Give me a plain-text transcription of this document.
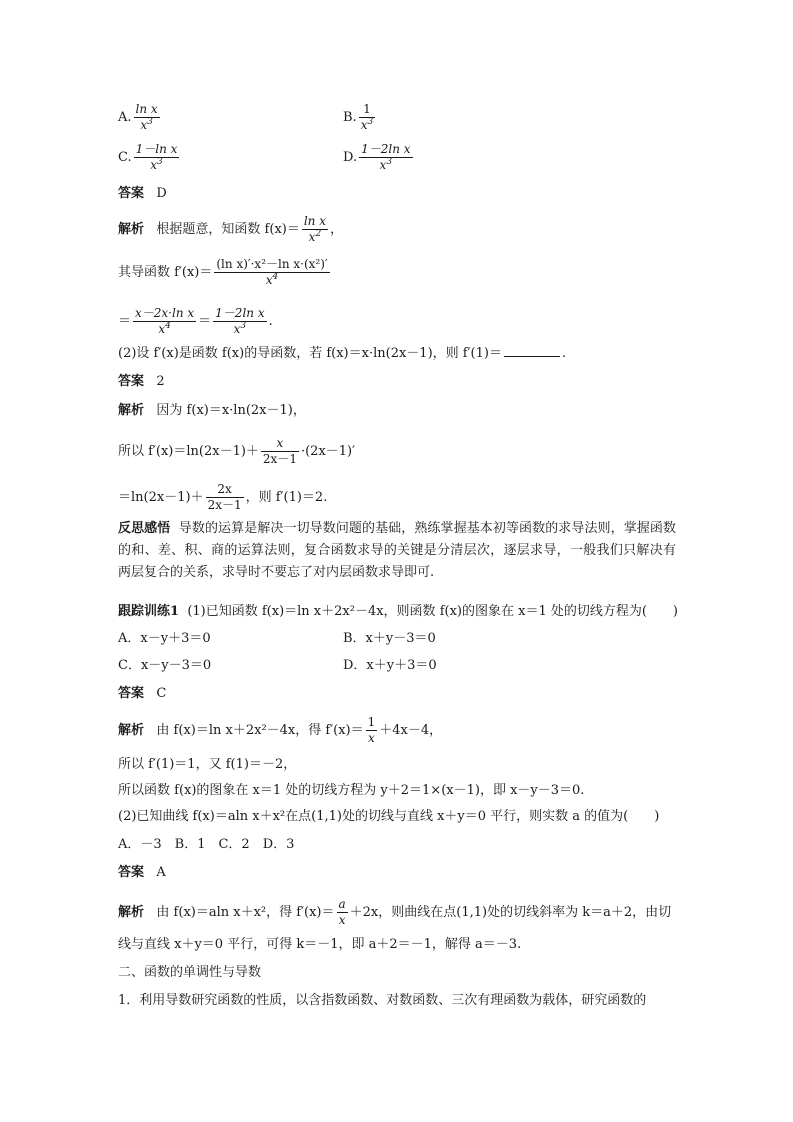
A. $\frac{\text{ln x}}{x^3}$	B. $\frac{1}{x^3}$
C. $\frac{\text{1－ln x}}{x^3}$	D. $\frac{\text{1－2ln x}}{x^3}$
答案 D
解析 根据题意，知函数 $f(x)= \frac{\text{ln x}}{x^2}$ ，
其导函数 $f'(x)= \frac{\text{(ln x)′·x²－ln x·(x²)′}}{x^4}$
＝ $\frac{\text{x－2x·ln x}}{x^4} = \frac{\text{1－2ln x}}{x^3}$ .
(2)设 f′(x)是函数 f(x)的导函数，若 f(x)＝x·ln(2x－1)，则 f′(1)＝	.
答案 2
解析 因为 f(x)＝x·ln(2x－1)，
所以 $f'(x)=\ln(2x-1)+ \frac{x}{2x-1} \cdot(2x-1)'$
$=\ln(2x-1)+ \frac{2x}{2x-1}$ ，则 f′(1)＝2.
反思感悟 导数的运算是解决一切导数问题的基础，熟练掌握基本初等函数的求导法则，掌握函数的和、差、积、商的运算法则，复合函数求导的关键是分清层次，逐层求导，一般我们只解决有两层复合的关系，求导时不要忘了对内层函数求导即可.
跟踪训练1 (1)已知函数 f(x)＝ln x＋2x²－4x，则函数 f(x)的图象在 x＝1 处的切线方程为(　　)
A．x－y＋3＝0	B．x＋y－3＝0
C．x－y－3＝0	D．x＋y＋3＝0
答案 C
解析 由 f(x)＝ln x＋2x²－4x，得 $f'(x)= \frac{1}{x} +4x-4$，
所以 f′(1)＝1，又 f(1)＝－2，
所以函数 f(x)的图象在 x＝1 处的切线方程为 y＋2＝1×(x－1)，即 x－y－3＝0.
(2)已知曲线 f(x)＝aln x＋x²在点(1,1)处的切线与直线 x＋y＝0 平行，则实数 a 的值为(　　)
A．－3　B．1　C．2　D．3
答案 A
解析 由 f(x)＝aln x＋x²，得 $f'(x)= \frac{a}{x} +2x$，则曲线在点(1,1)处的切线斜率为 k＝a＋2，由切
线与直线 x＋y＝0 平行，可得 k＝－1，即 a＋2＝－1，解得 a＝－3.
二、函数的单调性与导数
1．利用导数研究函数的性质，以含指数函数、对数函数、三次有理函数为载体，研究函数的
